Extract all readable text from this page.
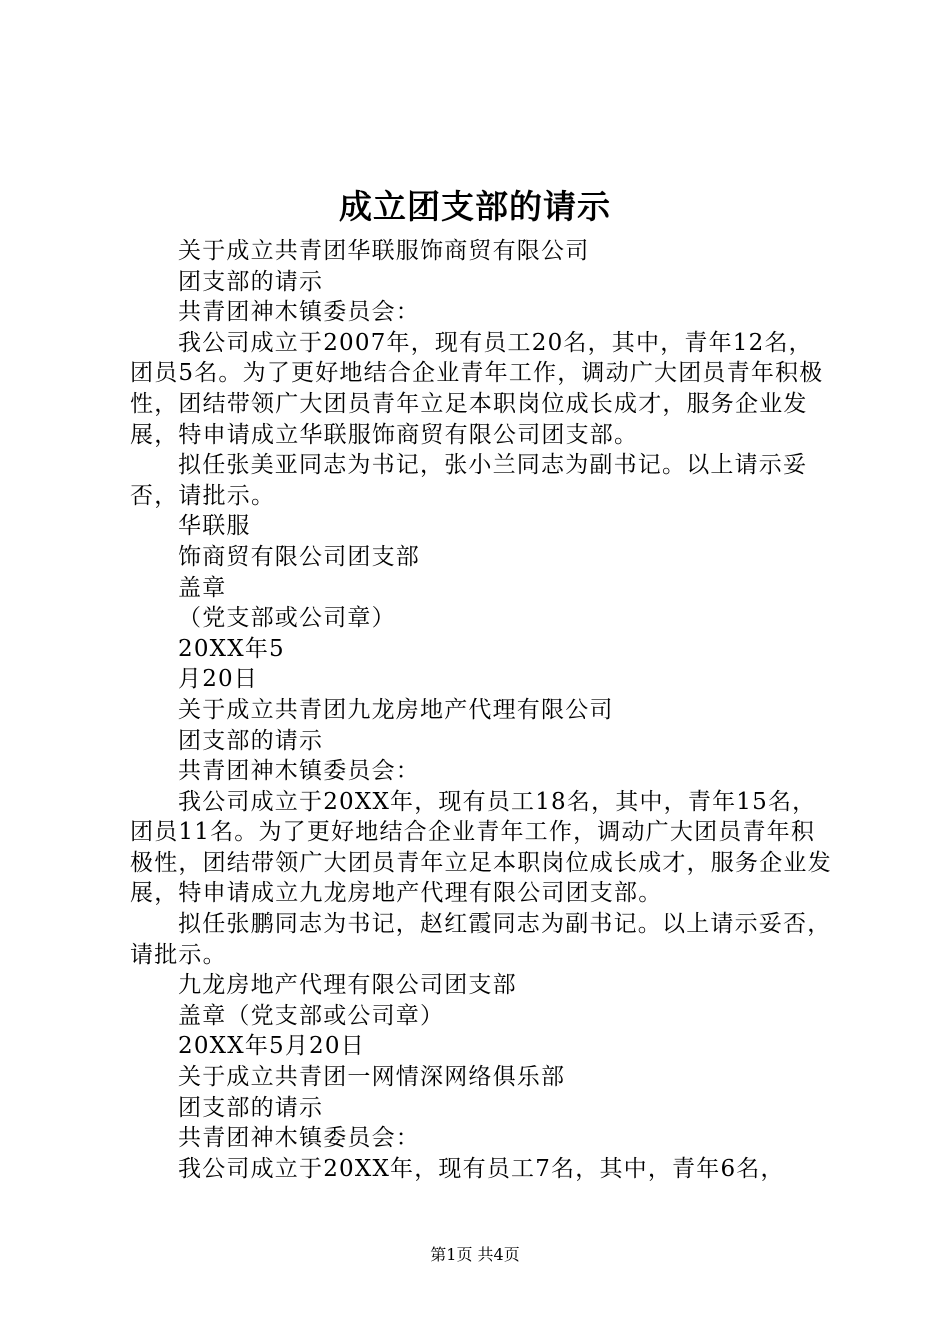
成立团支部的请示

关于成立共青团华联服饰商贸有限公司

团支部的请示

共青团神木镇委员会：

我公司成立于2007年，现有员工20名，其中，青年12名，团员5名。为了更好地结合企业青年工作，调动广大团员青年积极性，团结带领广大团员青年立足本职岗位成长成才，服务企业发展，特申请成立华联服饰商贸有限公司团支部。

拟任张美亚同志为书记，张小兰同志为副书记。以上请示妥否，请批示。

华联服

饰商贸有限公司团支部

盖章

（党支部或公司章）

20XX年5

月20日

关于成立共青团九龙房地产代理有限公司

团支部的请示

共青团神木镇委员会：

我公司成立于20XX年，现有员工18名，其中，青年15名，团员11名。为了更好地结合企业青年工作，调动广大团员青年积极性，团结带领广大团员青年立足本职岗位成长成才，服务企业发展，特申请成立九龙房地产代理有限公司团支部。

拟任张鹏同志为书记，赵红霞同志为副书记。以上请示妥否，请批示。

九龙房地产代理有限公司团支部

盖章（党支部或公司章）

20XX年5月20日

关于成立共青团一网情深网络俱乐部

团支部的请示

共青团神木镇委员会：

我公司成立于20XX年，现有员工7名，其中，青年6名，

第1页 共4页
